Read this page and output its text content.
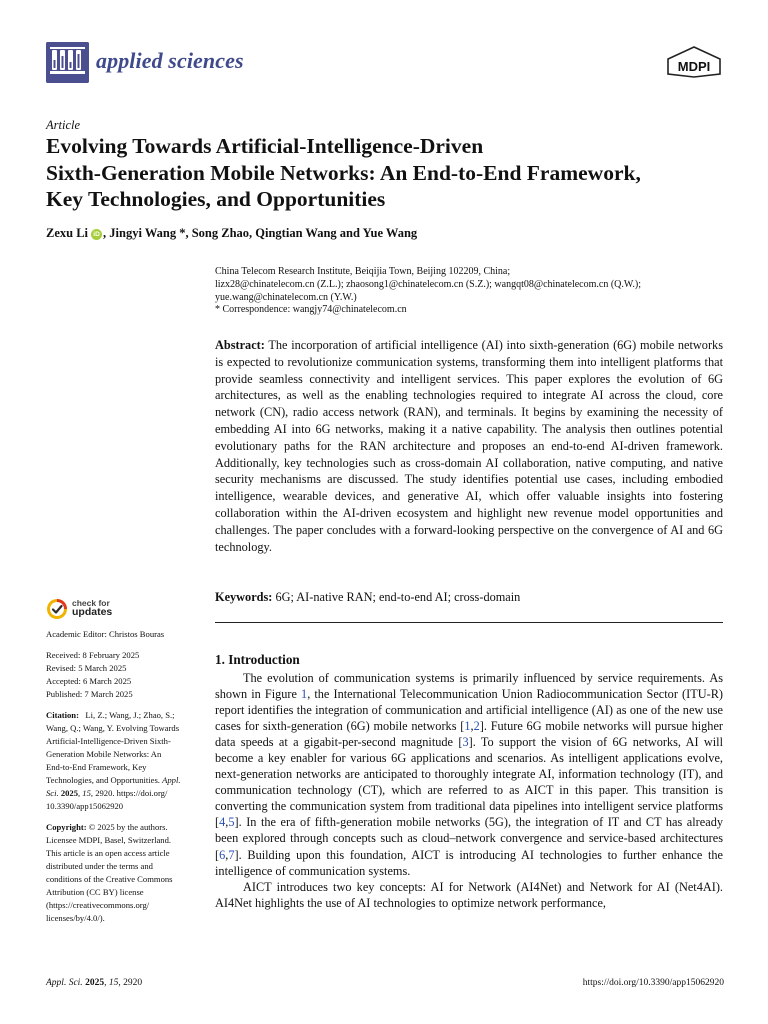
applied sciences	MDPI
Article
Evolving Towards Artificial-Intelligence-Driven
Sixth-Generation Mobile Networks: An End-to-End Framework,
Key Technologies, and Opportunities
Zexu Li iD , Jingyi Wang *, Song Zhao, Qingtian Wang and Yue Wang
China Telecom Research Institute, Beiqijia Town, Beijing 102209, China;
lizx28@chinatelecom.cn (Z.L.); zhaosong1@chinatelecom.cn (S.Z.); wangqt08@chinatelecom.cn (Q.W.);
yue.wang@chinatelecom.cn (Y.W.)
* Correspondence: wangjy74@chinatelecom.cn
Abstract: The incorporation of artificial intelligence (AI) into sixth-generation (6G) mobile networks is expected to revolutionize communication systems, transforming them into intelligent platforms that provide seamless connectivity and intelligent services. This paper explores the evolution of 6G architectures, as well as the enabling technologies required to integrate AI across the cloud, core network (CN), radio access network (RAN), and terminals. It begins by examining the necessity of embedding AI into 6G networks, making it a native capability. The analysis then outlines potential evolutionary paths for the RAN architecture and proposes an end-to-end AI-driven framework. Additionally, key technologies such as cross-domain AI collaboration, native computing, and native security mechanisms are discussed. The study identifies potential use cases, including embodied intelligence, wearable devices, and generative AI, which offer valuable insights into fostering collaboration within the AI-driven ecosystem and highlight new revenue model opportunities and challenges. The paper concludes with a forward-looking perspective on the convergence of AI and 6G technology.
Keywords: 6G; AI-native RAN; end-to-end AI; cross-domain
check for
updates
Academic Editor: Christos Bouras
Received: 8 February 2025
Revised: 5 March 2025
Accepted: 6 March 2025
Published: 7 March 2025
Citation: Li, Z.; Wang, J.; Zhao, S.;
Wang, Q.; Wang, Y. Evolving Towards
Artificial-Intelligence-Driven Sixth-
Generation Mobile Networks: An
End-to-End Framework, Key
Technologies, and Opportunities. Appl.
Sci. 2025, 15, 2920. https://doi.org/
10.3390/app15062920
Copyright: © 2025 by the authors.
Licensee MDPI, Basel, Switzerland.
This article is an open access article
distributed under the terms and
conditions of the Creative Commons
Attribution (CC BY) license
(https://creativecommons.org/
licenses/by/4.0/).
1. Introduction

The evolution of communication systems is primarily influenced by service requirements. As shown in Figure 1, the International Telecommunication Union Radiocommunication Sector (ITU-R) report identifies the integration of communication and artificial intelligence (AI) as one of the new use cases for sixth-generation (6G) mobile networks [1,2]. Future 6G mobile networks will pursue higher data speeds at a gigabit-per-second magnitude [3]. To support the vision of 6G networks, AI will become a key enabler for various 6G applications and scenarios. As intelligent applications evolve, next-generation networks are anticipated to thoroughly integrate AI, information technology (IT), and communication technology (CT), which are referred to as AICT in this paper. This transition is converting the communication system from traditional data pipelines into intelligent service platforms [4,5]. In the era of fifth-generation mobile networks (5G), the integration of IT and CT has already been explored through concepts such as cloud–network convergence and service-based architectures [6,7]. Building upon this foundation, AICT is introducing AI technologies to further enhance the intelligence of communication systems.

AICT introduces two key concepts: AI for Network (AI4Net) and Network for AI (Net4AI). AI4Net highlights the use of AI technologies to optimize network performance,

Appl. Sci. 2025, 15, 2920	https://doi.org/10.3390/app15062920
